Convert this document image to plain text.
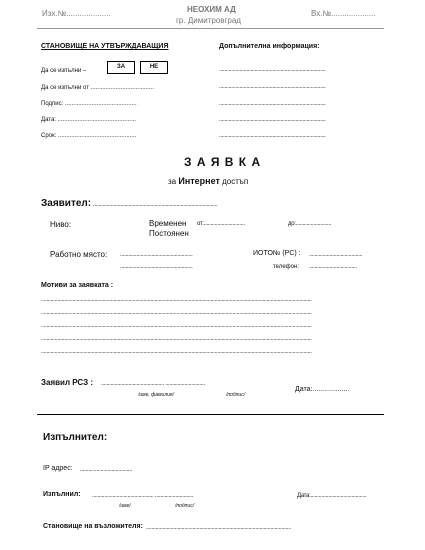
Изх.№....................	НЕОХИМ АД
гр. Димитровград
Вх.№....................
СТАНОВИЩЕ НА УТВЪРЖДАВАЩИЯ
Да се изпълни –
ЗА	НЕ
Да се изпълни от ......................................
Подпис: ...........................................
Дата: ...............................................
Срок: ...............................................
Допълнителна информация:
..............................................................................
..............................................................................
..............................................................................
..............................................................................
..............................................................................
З А Я В К А
за Интернет достъп
Заявител: ...........................................................................................
Ниво:	Временен
Постоянен
от:..............................	до:..........................
Работно място: .....................................................
.....................................................
ИОТО№ (PC) : .......................................
телефон: ...................................
Мотиви за заявката :
......................................................................................................................................................................................................
......................................................................................................................................................................................................
......................................................................................................................................................................................................
......................................................................................................................................................................................................
......................................................................................................................................................................................................
Заявил РСЗ : .............................................. .............................
/име, фамилия/	/подпис/
Дата:...................
Изпълнител:
IP адрес: ......................................
Изпълнил: ............................................. ............................
/име/	/подпис/
Дата:.........................................
Становище на възложителя: ..........................................................................................................
